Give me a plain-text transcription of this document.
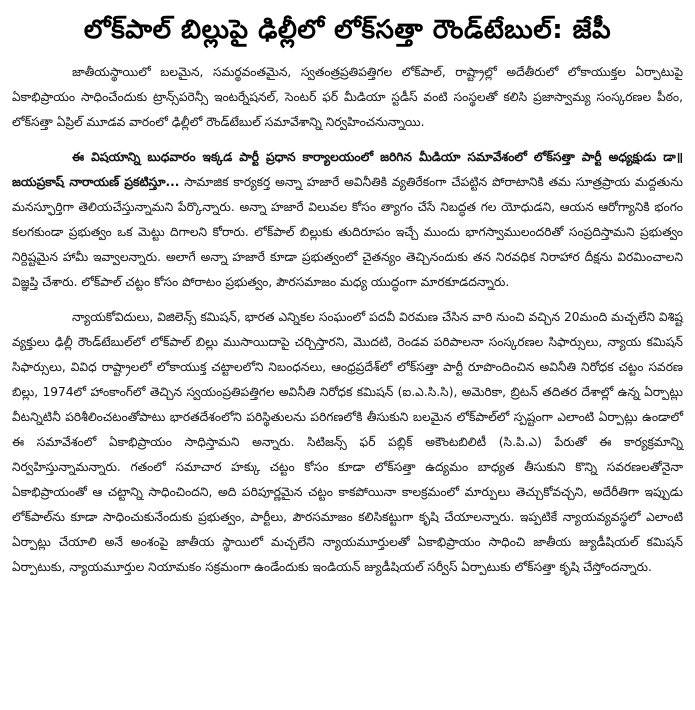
లోక్‌పాల్ బిల్లుపై ఢిల్లీలో లోక్‌సత్తా రౌండ్‌టేబుల్: జేపీ

జాతీయస్థాయిలో బలమైన, సమర్థవంతమైన, స్వతంత్రప్రతిపత్తిగల లోక్‌పాల్, రాష్ట్రాల్లో అదేతీరులో లోకాయుక్తల ఏర్పాటుపై ఏకాభిప్రాయం సాధించేందుకు ట్రాన్స్‌పరెన్సీ ఇంటర్నేషనల్, సెంటర్ ఫర్ మీడియా స్టడీస్ వంటి సంస్థలతో కలిసి ప్రజాస్వామ్య సంస్కరణల పీఠం, లోక్‌సత్తా ఏప్రిల్ మూడవ వారంలో ఢిల్లీలో రౌండ్‌టేబుల్ సమావేశాన్ని నిర్వహించనున్నాయి.

ఈ విషయాన్ని బుధవారం ఇక్కడ పార్టీ ప్రధాన కార్యాలయంలో జరిగిన మీడియా సమావేశంలో లోక్‌సత్తా పార్టీ అధ్యక్షుడు డా॥ జయప్రకాష్ నారాయణ్ ప్రకటిస్తూ... సామాజిక కార్యకర్త అన్నా హజారే అవినీతికి వ్యతిరేకంగా చేపట్టిన పోరాటానికి తమ సూత్రప్రాయ మద్దతును మనస్ఫూర్తిగా తెలియచేస్తున్నామని పేర్కొన్నారు. అన్నా హజారే విలువల కోసం త్యాగం చేసే నిబద్ధత గల యోధుడని, ఆయన ఆరోగ్యానికి భంగం కలగకుండా ప్రభుత్వం ఒక మెట్టు దిగాలని కోరారు. లోక్‌పాల్ బిల్లుకు తుదిరూపం ఇచ్చే ముందు భాగస్వాములందరితో సంప్రదిస్తామని ప్రభుత్వం నిర్దిష్టమైన హామీ ఇవ్వాలన్నారు. అలాగే అన్నా హజారే కూడా ప్రభుత్వంలో చైతన్యం తెచ్చినందుకు తన నిరవధిక నిరాహార దీక్షను విరమించాలని విజ్ఞప్తి చేశారు. లోక్‌పాల్ చట్టం కోసం పోరాటం ప్రభుత్వం, పౌరసమాజం మధ్య యుద్ధంగా మారకూడదన్నారు.

న్యాయకోవిదులు, విజిలెన్స్ కమిషన్, భారత ఎన్నికల సంఘంలో పదవీ విరమణ చేసిన వారి నుంచి వచ్చిన 20మంది మచ్చలేని విశిష్ట వ్యక్తులు ఢిల్లీ రౌండ్‌టేబుల్‌లో లోక్‌పాల్ బిల్లు ముసాయిదాపై చర్చిస్తారని, మొదటి, రెండవ పరిపాలనా సంస్కరణల సిఫార్సులు, న్యాయ కమిషన్ సిఫార్సులు, వివిధ రాష్ట్రాలలో లోకాయుక్త చట్టాలలోని నిబంధనలు, ఆంధ్రప్రదేశ్‌లో లోక్‌సత్తా పార్టీ రూపొందించిన అవినీతి నిరోధక చట్టం సవరణ బిల్లు, 1974లో హాంకాంగ్‌లో తెచ్చిన స్వయంప్రతిపత్తిగల అవినీతి నిరోధక కమిషన్ (ఐ.ఎ.సి.సి), అమెరికా, బ్రిటన్ తదితర దేశాల్లో ఉన్న ఏర్పాట్లు వీటన్నిటినీ పరిశీలించటంతోపాటు భారతదేశంలోని పరిస్థితులను పరిగణలోకి తీసుకుని బలమైన లోక్‌పాల్‌లో స్పష్టంగా ఎలాంటి ఏర్పాట్లు ఉండాలో ఈ సమావేశంలో ఏకాభిప్రాయం సాధిస్తామని అన్నారు. సిటిజన్స్ ఫర్ పబ్లిక్ అకౌంటబిలిటీ (సి.పి.ఎ) పేరుతో ఈ కార్యక్రమాన్ని నిర్వహిస్తున్నామన్నారు. గతంలో సమాచార హక్కు చట్టం కోసం కూడా లోక్‌సత్తా ఉద్యమం బాధ్యత తీసుకుని కొన్ని సవరణలతోనైనా ఏకాభిప్రాయంతో ఆ చట్టాన్ని సాధించిందని, అది పరిపూర్ణమైన చట్టం కాకపోయినా కాలక్రమంలో మార్పులు తెచ్చుకోవచ్చని, అదేరీతిగా ఇప్పుడు లోక్‌పాల్‌ను కూడా సాధించుకునేందుకు ప్రభుత్వం, పార్టీలు, పౌరసమాజం కలిసికట్టుగా కృషి చేయాలన్నారు. ఇప్పటికే న్యాయవ్యవస్థలో ఎలాంటి ఏర్పాట్లు చేయాలి అనే అంశంపై జాతీయ స్థాయిలో మచ్చలేని న్యాయమూర్తులతో ఏకాభిప్రాయం సాధించి జాతీయ జ్యుడీషియల్ కమిషన్ ఏర్పాటుకు, న్యాయమూర్తుల నియామకం సక్రమంగా ఉండేందుకు ఇండియన్ జ్యుడీషియల్ సర్వీస్ ఏర్పాటుకు లోక్‌సత్తా కృషి చేస్తోందన్నారు.
